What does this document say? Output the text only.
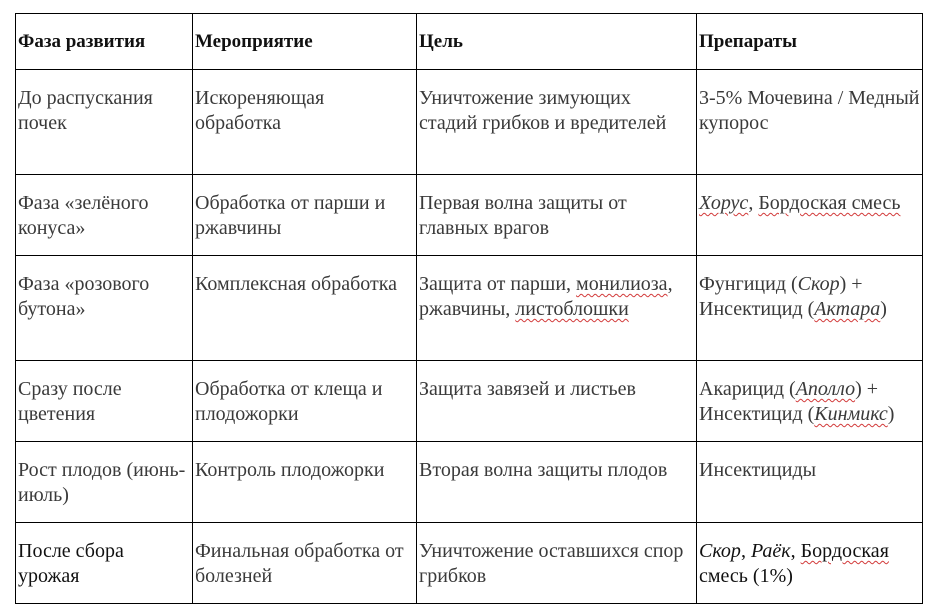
Фаза развития	Мероприятие	Цель	Препараты
До распускания почек	Искореняющая обработка	Уничтожение зимующих стадий грибков и вредителей	3-5% Мочевина / Медный купорос
Фаза «зелёного конуса»	Обработка от парши и ржавчины	Первая волна защиты от главных врагов	Хорус, Бордоская смесь
Фаза «розового бутона»	Комплексная обработка	Защита от парши, монилиоза, ржавчины, листоблошки	Фунгицид (Скор) + Инсектицид (Актара)
Сразу после цветения	Обработка от клеща и плодожорки	Защита завязей и листьев	Акарицид (Аполло) + Инсектицид (Кинмикс)
Рост плодов (июнь-июль)	Контроль плодожорки	Вторая волна защиты плодов	Инсектициды
После сбора урожая	Финальная обработка от болезней	Уничтожение оставшихся спор грибков	Скор, Раёк, Бордоская смесь (1%)
